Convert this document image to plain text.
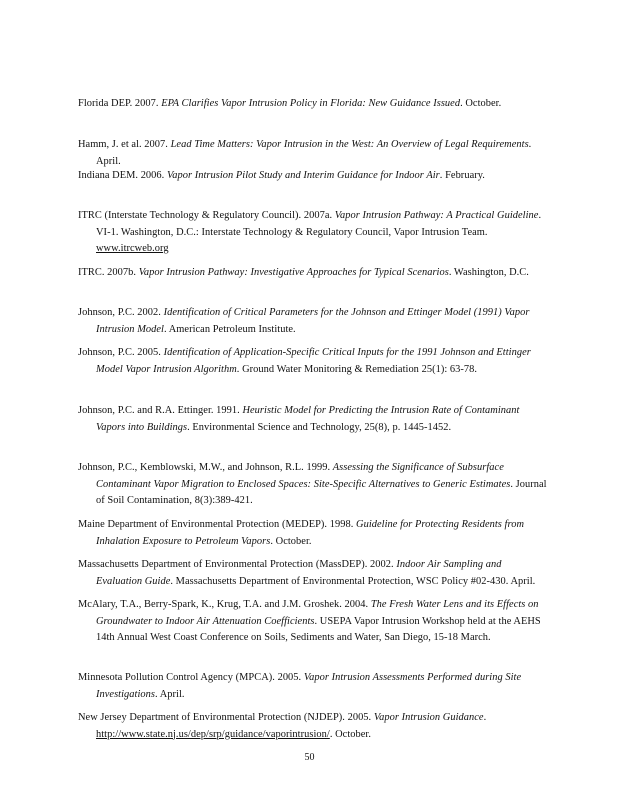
Florida DEP. 2007. EPA Clarifies Vapor Intrusion Policy in Florida: New Guidance Issued. October.
Hamm, J. et al. 2007. Lead Time Matters: Vapor Intrusion in the West: An Overview of Legal Requirements. April.
Indiana DEM. 2006. Vapor Intrusion Pilot Study and Interim Guidance for Indoor Air. February.
ITRC (Interstate Technology & Regulatory Council). 2007a. Vapor Intrusion Pathway: A Practical Guideline. VI-1. Washington, D.C.: Interstate Technology & Regulatory Council, Vapor Intrusion Team. www.itrcweb.org
ITRC. 2007b. Vapor Intrusion Pathway: Investigative Approaches for Typical Scenarios. Washington, D.C.
Johnson, P.C. 2002. Identification of Critical Parameters for the Johnson and Ettinger Model (1991) Vapor Intrusion Model. American Petroleum Institute.
Johnson, P.C. 2005. Identification of Application-Specific Critical Inputs for the 1991 Johnson and Ettinger Model Vapor Intrusion Algorithm. Ground Water Monitoring & Remediation 25(1): 63-78.
Johnson, P.C. and R.A. Ettinger. 1991. Heuristic Model for Predicting the Intrusion Rate of Contaminant Vapors into Buildings. Environmental Science and Technology, 25(8), p. 1445-1452.
Johnson, P.C., Kemblowski, M.W., and Johnson, R.L. 1999. Assessing the Significance of Subsurface Contaminant Vapor Migration to Enclosed Spaces: Site-Specific Alternatives to Generic Estimates. Journal of Soil Contamination, 8(3):389-421.
Maine Department of Environmental Protection (MEDEP). 1998. Guideline for Protecting Residents from Inhalation Exposure to Petroleum Vapors. October.
Massachusetts Department of Environmental Protection (MassDEP). 2002. Indoor Air Sampling and Evaluation Guide. Massachusetts Department of Environmental Protection, WSC Policy #02-430. April.
McAlary, T.A., Berry-Spark, K., Krug, T.A. and J.M. Groshek. 2004. The Fresh Water Lens and its Effects on Groundwater to Indoor Air Attenuation Coefficients. USEPA Vapor Intrusion Workshop held at the AEHS 14th Annual West Coast Conference on Soils, Sediments and Water, San Diego, 15-18 March.
Minnesota Pollution Control Agency (MPCA). 2005. Vapor Intrusion Assessments Performed during Site Investigations. April.
New Jersey Department of Environmental Protection (NJDEP). 2005. Vapor Intrusion Guidance. http://www.state.nj.us/dep/srp/guidance/vaporintrusion/. October.
50
